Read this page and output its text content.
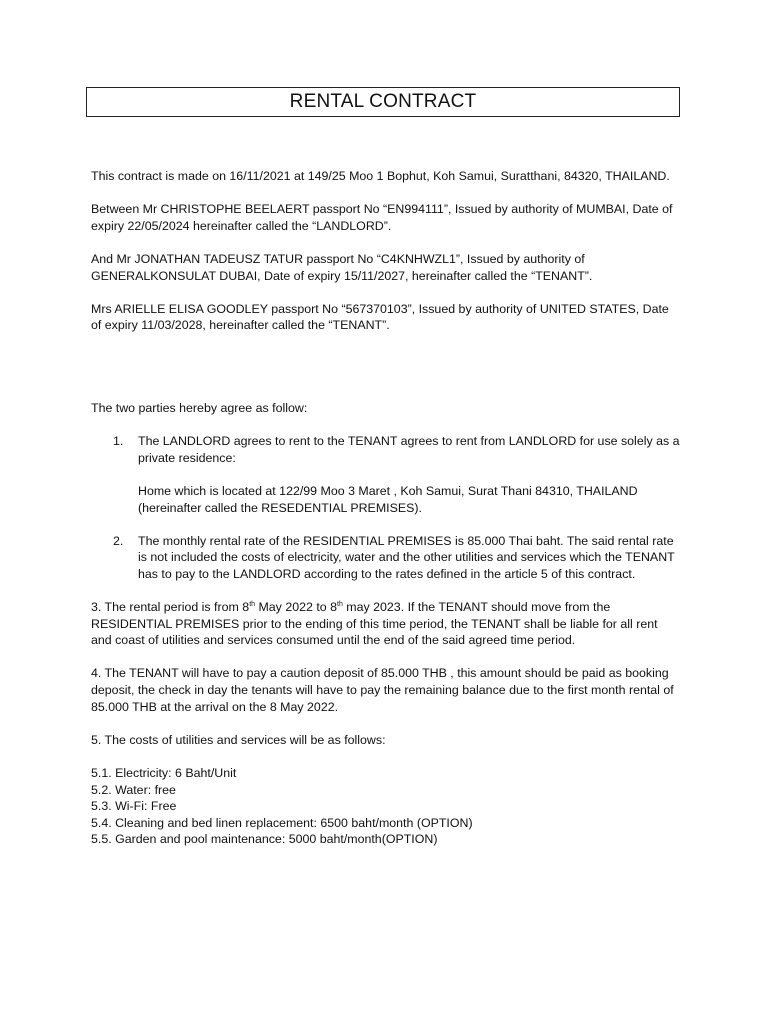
RENTAL CONTRACT

This contract is made on 16/11/2021 at 149/25 Moo 1 Bophut, Koh Samui, Suratthani, 84320, THAILAND.

Between Mr CHRISTOPHE BEELAERT passport No “EN994111”, Issued by authority of MUMBAI, Date of expiry 22/05/2024 hereinafter called the “LANDLORD”.

And Mr JONATHAN TADEUSZ TATUR passport No “C4KNHWZL1”, Issued by authority of GENERALKONSULAT DUBAI, Date of expiry 15/11/2027, hereinafter called the “TENANT”.

Mrs ARIELLE ELISA GOODLEY passport No “567370103”, Issued by authority of UNITED STATES, Date of expiry 11/03/2028, hereinafter called the “TENANT”.

The two parties hereby agree as follow:

1. The LANDLORD agrees to rent to the TENANT agrees to rent from LANDLORD for use solely as a private residence:

Home which is located at 122/99 Moo 3 Maret , Koh Samui, Surat Thani 84310, THAILAND (hereinafter called the RESEDENTIAL PREMISES).

2. The monthly rental rate of the RESIDENTIAL PREMISES is 85.000 Thai baht. The said rental rate is not included the costs of electricity, water and the other utilities and services which the TENANT has to pay to the LANDLORD according to the rates defined in the article 5 of this contract.

3. The rental period is from 8th May 2022 to 8th may 2023. If the TENANT should move from the RESIDENTIAL PREMISES prior to the ending of this time period, the TENANT shall be liable for all rent and coast of utilities and services consumed until the end of the said agreed time period.

4. The TENANT will have to pay a caution deposit of 85.000 THB , this amount should be paid as booking deposit, the check in day the tenants will have to pay the remaining balance due to the first month rental of 85.000 THB at the arrival on the 8 May 2022.

5. The costs of utilities and services will be as follows:

5.1. Electricity: 6 Baht/Unit

5.2. Water: free

5.3. Wi-Fi: Free

5.4. Cleaning and bed linen replacement: 6500 baht/month (OPTION)

5.5. Garden and pool maintenance: 5000 baht/month(OPTION)
